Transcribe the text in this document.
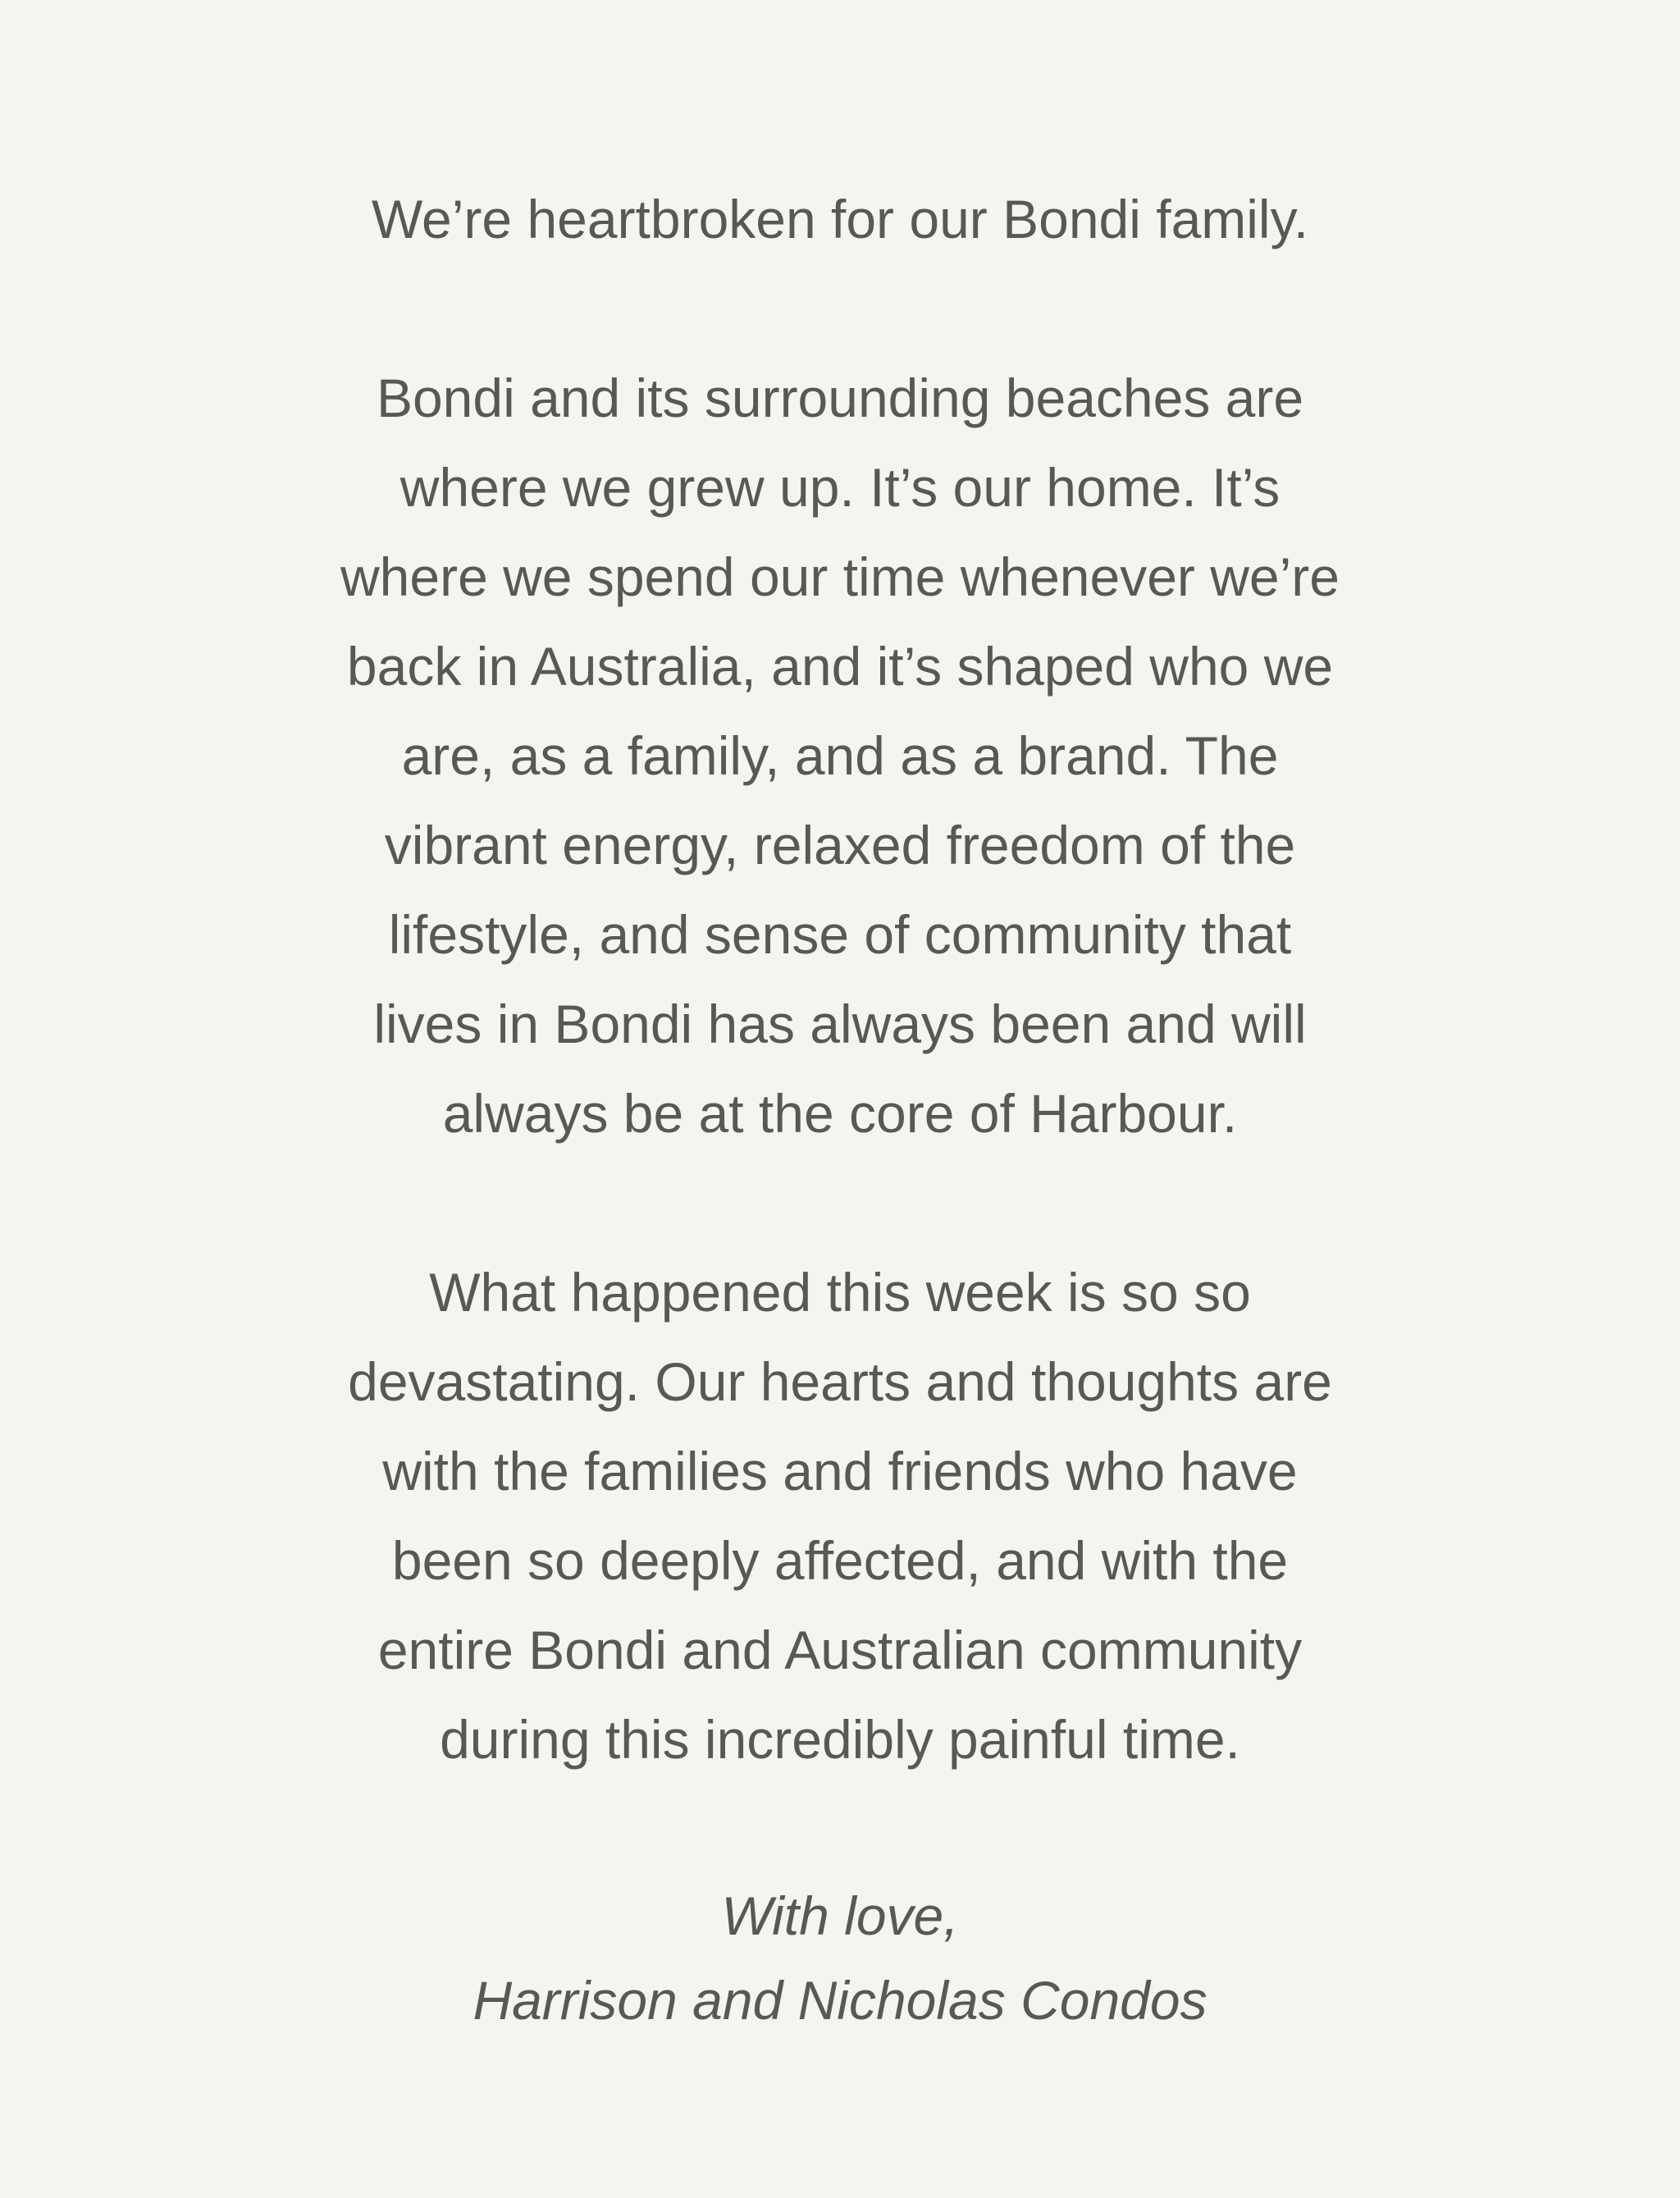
We’re heartbroken for our Bondi family.

Bondi and its surrounding beaches are
where we grew up. It’s our home. It’s
where we spend our time whenever we’re
back in Australia, and it’s shaped who we
are, as a family, and as a brand. The
vibrant energy, relaxed freedom of the
lifestyle, and sense of community that
lives in Bondi has always been and will
always be at the core of Harbour.

What happened this week is so so
devastating. Our hearts and thoughts are
with the families and friends who have
been so deeply affected, and with the
entire Bondi and Australian community
during this incredibly painful time.

With love,
Harrison and Nicholas Condos
